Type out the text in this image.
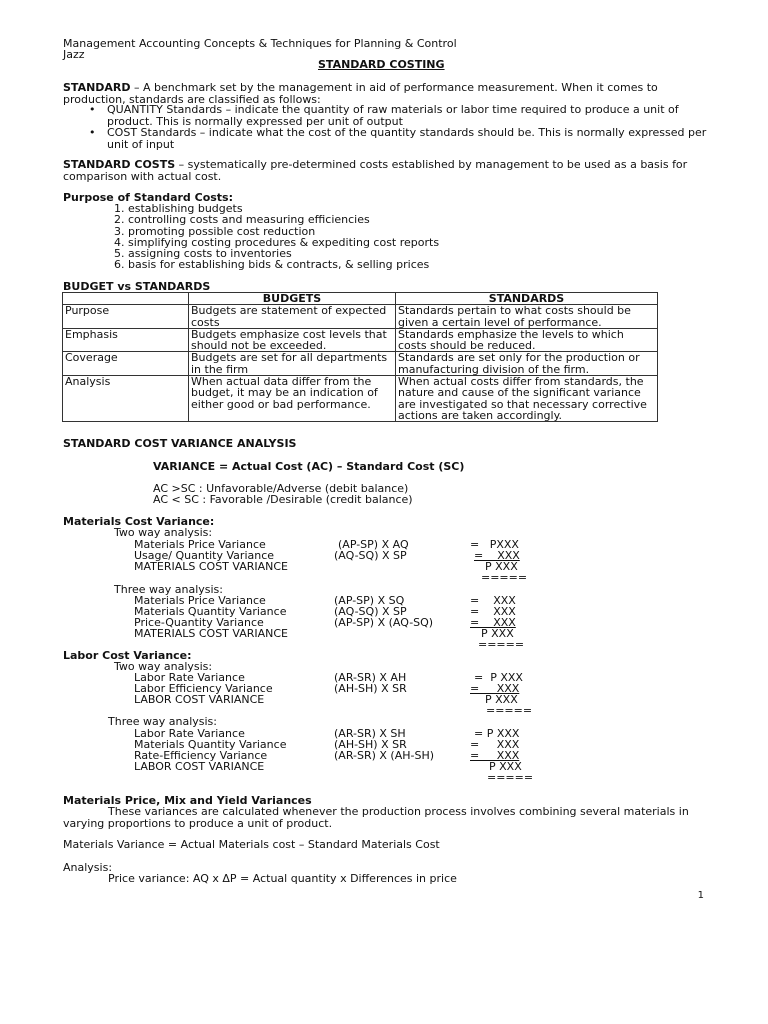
Management Accounting Concepts & Techniques for Planning & Control
Jazz
STANDARD COSTING
STANDARD – A benchmark set by the management in aid of performance measurement. When it comes to production, standards are classified as follows:
• QUANTITY Standards – indicate the quantity of raw materials or labor time required to produce a unit of product. This is normally expressed per unit of output
• COST Standards – indicate what the cost of the quantity standards should be. This is normally expressed per unit of input
STANDARD COSTS – systematically pre-determined costs established by management to be used as a basis for comparison with actual cost.
Purpose of Standard Costs:
1. establishing budgets
2. controlling costs and measuring efficiencies
3. promoting possible cost reduction
4. simplifying costing procedures & expediting cost reports
5. assigning costs to inventories
6. basis for establishing bids & contracts, & selling prices
BUDGET vs STANDARDS
	BUDGETS	STANDARDS
Purpose	Budgets are statement of expected costs	Standards pertain to what costs should be given a certain level of performance.
Emphasis	Budgets emphasize cost levels that should not be exceeded.	Standards emphasize the levels to which costs should be reduced.
Coverage	Budgets are set for all departments in the firm	Standards are set only for the production or manufacturing division of the firm.
Analysis	When actual data differ from the budget, it may be an indication of either good or bad performance.	When actual costs differ from standards, the nature and cause of the significant variance are investigated so that necessary corrective actions are taken accordingly.
STANDARD COST VARIANCE ANALYSIS
VARIANCE = Actual Cost (AC) – Standard Cost (SC)
AC >SC : Unfavorable/Adverse (debit balance)
AC < SC : Favorable /Desirable (credit balance)
Materials Cost Variance:
Two way analysis:
Materials Price Variance	(AP-SP) X AQ	=   PXXX
Usage/ Quantity Variance	(AQ-SQ) X SP	=    XXX
MATERIALS COST VARIANCE	P XXX
=====
Three way analysis:
Materials Price Variance	(AP-SP) X SQ	=    XXX
Materials Quantity Variance	(AQ-SQ) X SP	=    XXX
Price-Quantity Variance	(AP-SP) X (AQ-SQ)	=    XXX
MATERIALS COST VARIANCE	P XXX
=====
Labor Cost Variance:
Two way analysis:
Labor Rate Variance	(AR-SR) X AH	=  P XXX
Labor Efficiency Variance	(AH-SH) X SR	=     XXX
LABOR COST VARIANCE	P XXX
=====
Three way analysis:
Labor Rate Variance	(AR-SR) X SH	= P XXX
Materials Quantity Variance	(AH-SH) X SR	=     XXX
Rate-Efficiency Variance	(AR-SR) X (AH-SH)	=     XXX
LABOR COST VARIANCE	P XXX
=====
Materials Price, Mix and Yield Variances
These variances are calculated whenever the production process involves combining several materials in varying proportions to produce a unit of product.
Materials Variance = Actual Materials cost – Standard Materials Cost
Analysis:
Price variance: AQ x ΔP = Actual quantity x Differences in price
1
